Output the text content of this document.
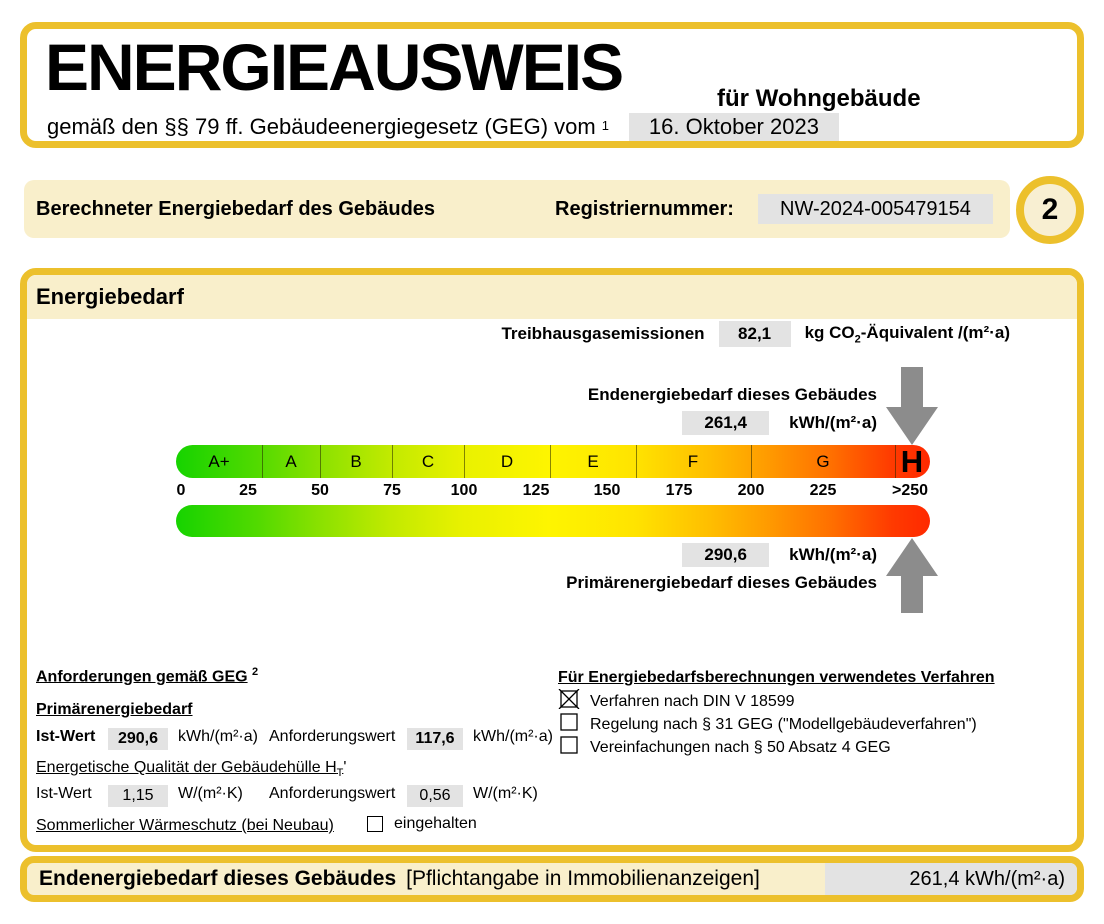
ENERGIEAUSWEIS	für Wohngebäude
gemäß den §§ 79 ff. Gebäudeenergiegesetz (GEG) vom $^1$	16. Oktober 2023
Berechneter Energiebedarf des Gebäudes	Registriernummer:	NW-2024-005479154	2
Energiebedarf
Treibhausgasemissionen	82,1	kg $CO_2$-Äquivalent /(m²·a)
Endenergiebedarf dieses Gebäudes
261,4	kWh/(m²·a)
A+	A	B	C	D	E	F	G H
0	25	50	75	100	125	150	175	200	225	>250
290,6	kWh/(m²·a)
Primärenergiebedarf dieses Gebäudes
Anforderungen gemäß GEG $^2$
Primärenergiebedarf
Ist-Wert	290,6	kWh/(m²·a) Anforderungswert	117,6	kWh/(m²·a)
Energetische Qualität der Gebäudehülle $H_T'$
Ist-Wert	1,15	W/(m²·K) Anforderungswert	0,56	W/(m²·K)
Sommerlicher Wärmeschutz (bei Neubau)	eingehalten
Für Energiebedarfsberechnungen verwendetes Verfahren
Verfahren nach DIN V 18599
Regelung nach § 31 GEG ("Modellgebäudeverfahren")
Vereinfachungen nach § 50 Absatz 4 GEG
Endenergiebedarf dieses Gebäudes [Pflichtangabe in Immobilienanzeigen]	261,4 kWh/(m²·a)
